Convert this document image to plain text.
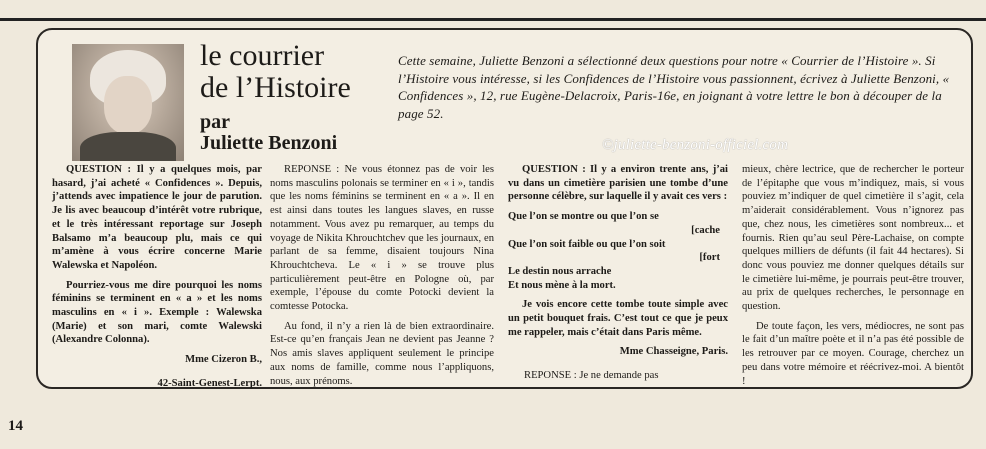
le courrier
de l’Histoire
par
Juliette Benzoni

Cette semaine, Juliette Benzoni a sélectionné deux questions pour notre « Courrier de l’Histoire ». Si l’Histoire vous intéresse, si les Confidences de l’Histoire vous passionnent, écrivez à Juliette Benzoni, « Confidences », 12, rue Eugène-Delacroix, Paris-16e, en joignant à votre lettre le bon à découper de la page 52.

©juliette-benzoni-officiel.com

QUESTION : Il y a quelques mois, par hasard, j’ai acheté « Confidences ». Depuis, j’attends avec impatience le jour de parution. Je lis avec beaucoup d’intérêt votre rubrique, et le très intéressant reportage sur Joseph Balsamo m’a beaucoup plu, mais ce qui m’amène à vous écrire concerne Marie Walewska et Napoléon.

Pourriez-vous me dire pourquoi les noms féminins se terminent en « a » et les noms masculins en « i ». Exemple : Walewska (Marie) et son mari, comte Walewski (Alexandre Colonna).

Mme Cizeron B.,

42-Saint-Genest-Lerpt.

REPONSE : Ne vous étonnez pas de voir les noms masculins polonais se terminer en « i », tandis que les noms féminins se terminent en « a ». Il en est ainsi dans toutes les langues slaves, en russe notamment. Vous avez pu remarquer, au temps du voyage de Nikita Khrouchtchev que les journaux, en parlant de sa femme, disaient toujours Nina Khrouchtcheva. Le « i » se trouve plus particulièrement peut-être en Pologne où, par exemple, l’épouse du comte Potocki devient la comtesse Potocka.

Au fond, il n’y a rien là de bien extraordinaire. Est-ce qu’en français Jean ne devient pas Jeanne ? Nos amis slaves appliquent seulement le principe aux noms de famille, comme nous l’appliquons, nous, aux prénoms.

QUESTION : Il y a environ trente ans, j’ai vu dans un cimetière parisien une tombe d’une personne célèbre, sur laquelle il y avait ces vers :

Que l’on se montre ou que l’on se

[cache

Que l’on soit faible ou que l’on soit

[fort

Le destin nous arrache

Et nous mène à la mort.

Je vois encore cette tombe toute simple avec un petit bouquet frais. C’est tout ce que je peux me rappeler, mais c’était dans Paris même.

Mme Chasseigne, Paris.

REPONSE : Je ne demande pas

mieux, chère lectrice, que de rechercher le porteur de l’épitaphe que vous m’indiquez, mais, si vous pouviez m’indiquer de quel cimetière il s’agit, cela m’aiderait considérablement. Vous n’ignorez pas que, chez nous, les cimetières sont nombreux... et fournis. Rien qu’au seul Père-Lachaise, on compte quelques milliers de défunts (il fait 44 hectares). Si donc vous pouviez me donner quelques détails sur le cimetière lui-même, je pourrais peut-être trouver, au prix de quelques recherches, le personnage en question.

De toute façon, les vers, médiocres, ne sont pas le fait d’un maître poète et il n’a pas été possible de les retrouver par ce moyen. Courage, cherchez un peu dans votre mémoire et réécrivez-moi. A bientôt !

14
